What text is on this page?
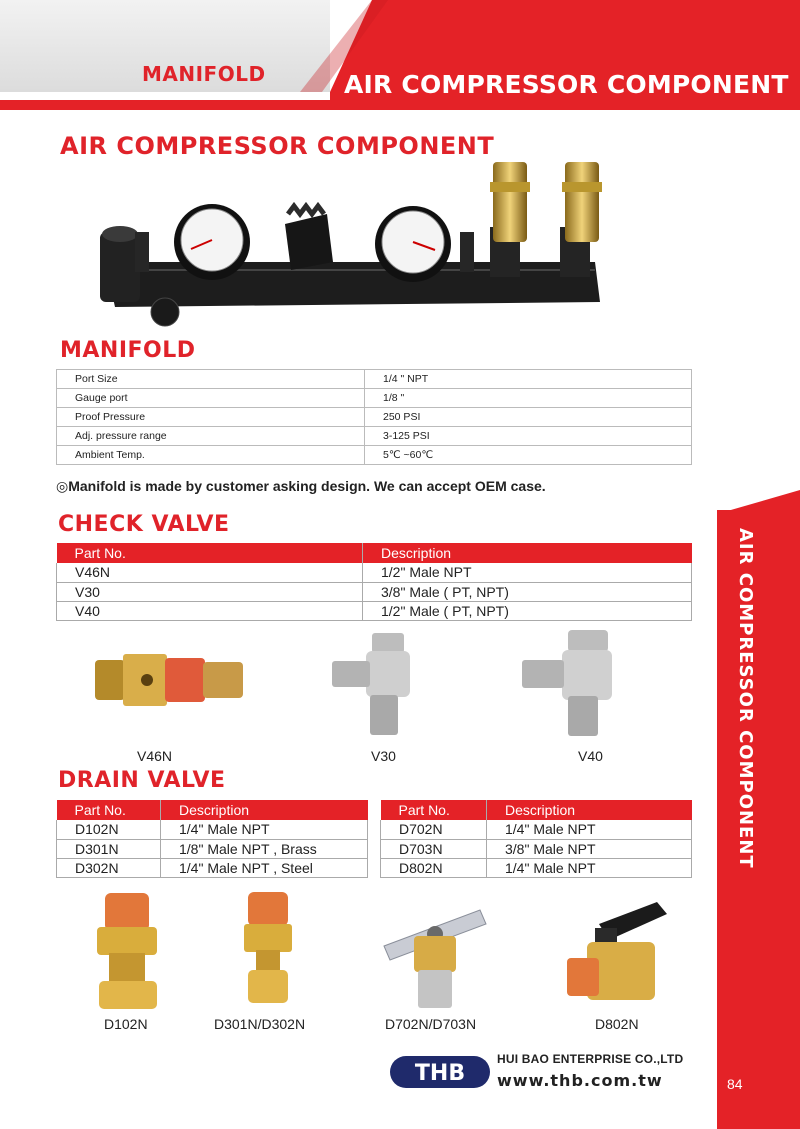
MANIFOLD	AIR COMPRESSOR COMPONENT
AIR COMPRESSOR COMPONENT
84
AIR COMPRESSOR COMPONENT
MANIFOLD
Port Size	1/4 " NPT
Gauge port	1/8 "
Proof Pressure	250 PSI
Adj. pressure range	3-125 PSI
Ambient Temp.	5℃ ~60℃
◎Manifold is made by customer asking design. We can accept OEM case.
CHECK VALVE
Part No.	Description
V46N	1/2" Male NPT
V30	3/8" Male ( PT, NPT)
V40	1/2" Male ( PT, NPT)
V46N	V30	V40
DRAIN VALVE
Part No.	Description
D102N	1/4" Male NPT
D301N	1/8" Male NPT , Brass
D302N	1/4" Male NPT , Steel
Part No.	Description
D702N	1/4" Male NPT
D703N	3/8" Male NPT
D802N	1/4" Male NPT
D102N	D301N/D302N	D702N/D703N	D802N
THB
HUI BAO ENTERPRISE CO.,LTD
www.thb.com.tw
